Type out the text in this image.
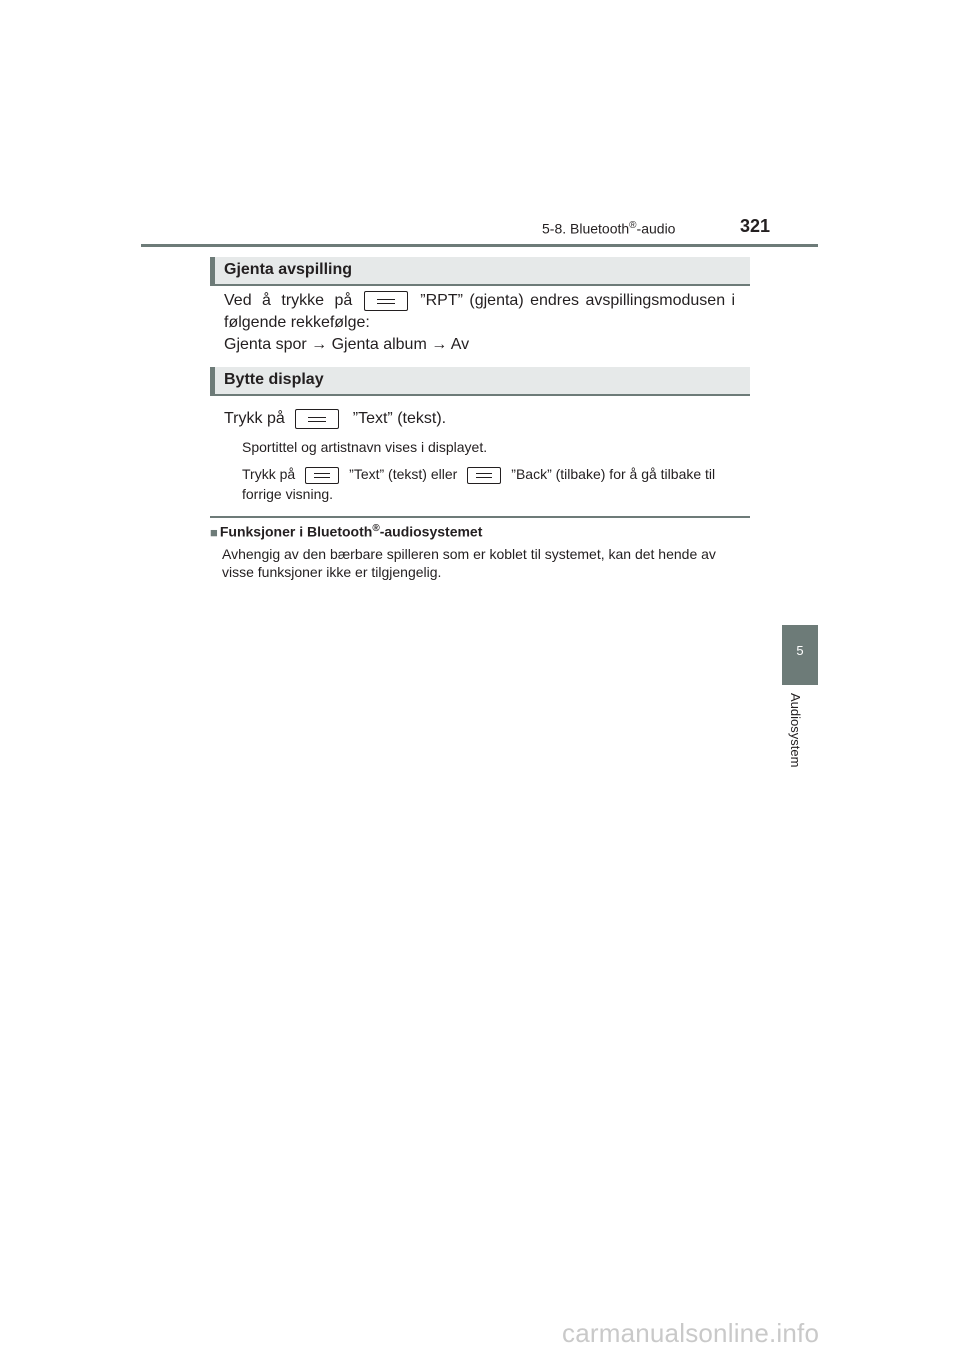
5-8. Bluetooth®-audio	321
5
Audiosystem
Gjenta avspilling
Ved å trykke på	”RPT” (gjenta) endres avspillingsmodusen i
følgende rekkefølge:
Gjenta spor → Gjenta album → Av
Bytte display
Trykk på	”Text” (tekst).
Sportittel og artistnavn vises i displayet.
Trykk på	”Text” (tekst) eller	”Back” (tilbake) for å gå tilbake til
forrige visning.
■ Funksjoner i Bluetooth®-audiosystemet
Avhengig av den bærbare spilleren som er koblet til systemet, kan det hende av visse funksjoner ikke er tilgjengelig.
carmanualsonline.info
